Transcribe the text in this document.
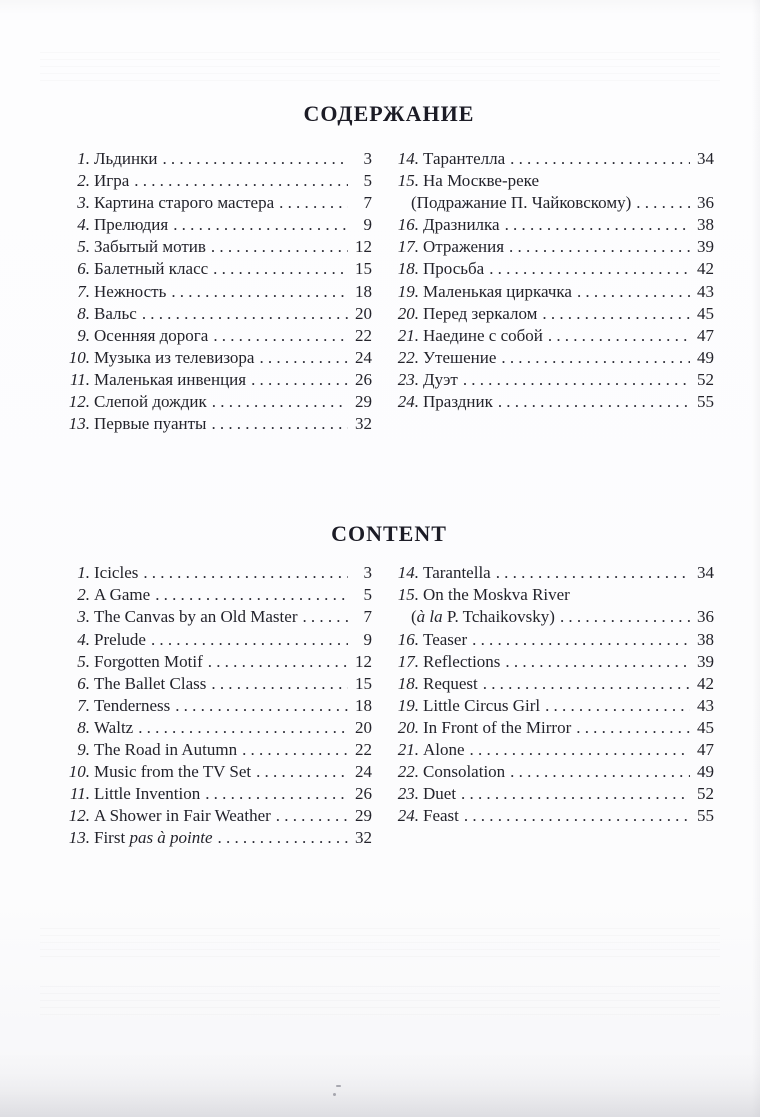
СОДЕРЖАНИЕ
1. Льдинки .....	3
2. Игра .....	5
3. Картина старого мастера .....	7
4. Прелюдия .....	9
5. Забытый мотив .....	12
6. Балетный класс .....	15
7. Нежность .....	18
8. Вальс .....	20
9. Осенняя дорога .....	22
10. Музыка из телевизора .....	24
11. Маленькая инвенция .....	26
12. Слепой дождик .....	29
13. Первые пуанты .....	32
14. Тарантелла .....	34
15. На Москве-реке
(Подражание П. Чайковскому) .....	36
16. Дразнилка .....	38
17. Отражения .....	39
18. Просьба .....	42
19. Маленькая циркачка .....	43
20. Перед зеркалом .....	45
21. Наедине с собой .....	47
22. Утешение .....	49
23. Дуэт .....	52
24. Праздник .....	55
CONTENT
1. Icicles .....	3
2. A Game .....	5
3. The Canvas by an Old Master .....	7
4. Prelude .....	9
5. Forgotten Motif .....	12
6. The Ballet Class .....	15
7. Tenderness .....	18
8. Waltz .....	20
9. The Road in Autumn .....	22
10. Music from the TV Set .....	24
11. Little Invention .....	26
12. A Shower in Fair Weather .....	29
13. First pas à pointe .....	32
14. Tarantella .....	34
15. On the Moskva River
(à la P. Tchaikovsky) .....	36
16. Teaser .....	38
17. Reflections .....	39
18. Request .....	42
19. Little Circus Girl .....	43
20. In Front of the Mirror .....	45
21. Alone .....	47
22. Consolation .....	49
23. Duet .....	52
24. Feast .....	55
